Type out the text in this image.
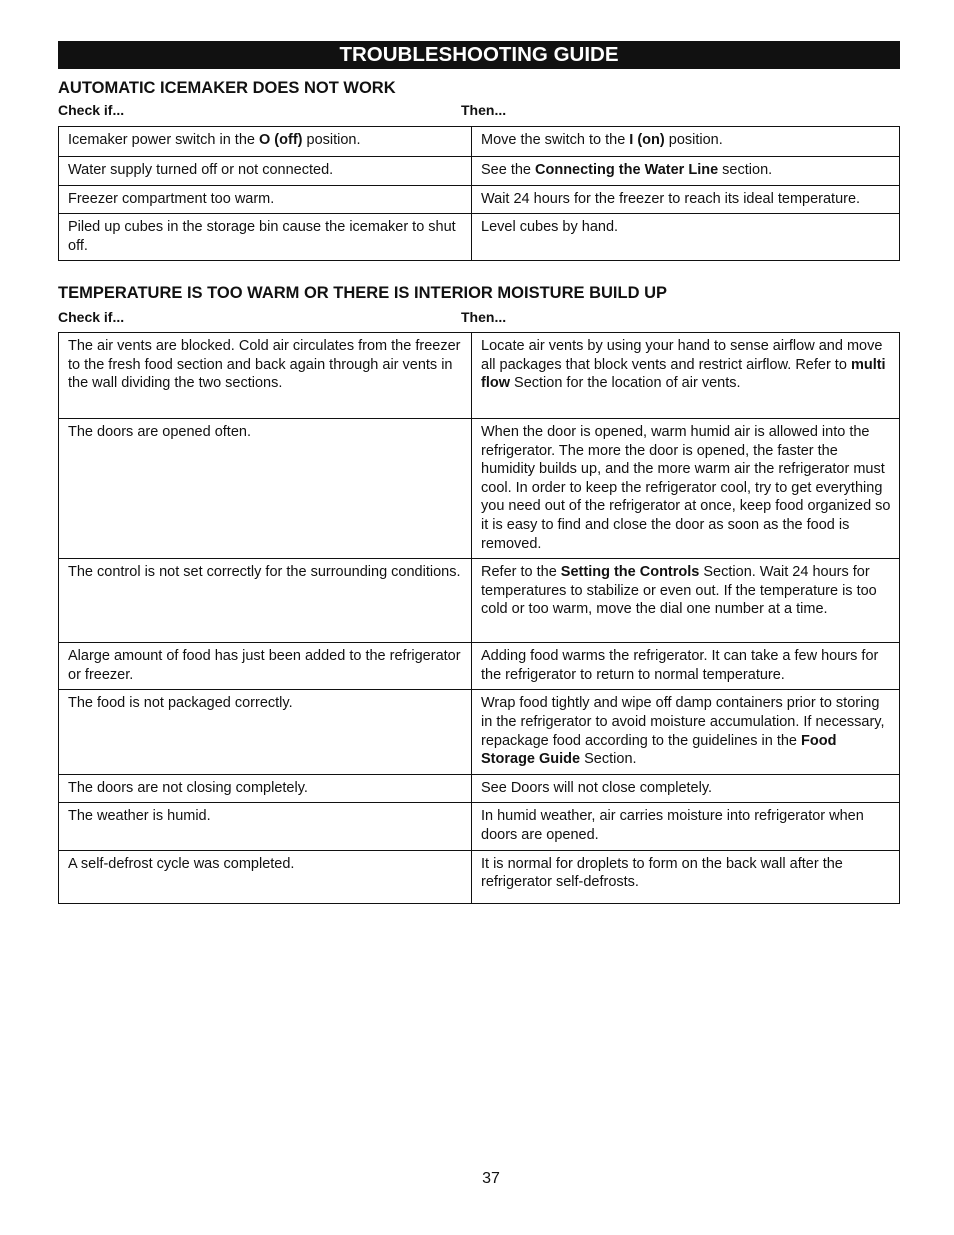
TROUBLESHOOTING GUIDE
AUTOMATIC ICEMAKER DOES NOT WORK
Check if...	Then...
Icemaker power switch in the O (off) position.	Move the switch to the I (on) position.
Water supply turned off or not connected.	See the Connecting the Water Line section.
Freezer compartment too warm.	Wait 24 hours for the freezer to reach its ideal temperature.
Piled up cubes in the storage bin cause the icemaker to shut off.	Level cubes by hand.
TEMPERATURE IS TOO WARM OR THERE IS INTERIOR MOISTURE BUILD UP
Check if...	Then...
The air vents are blocked. Cold air circulates from the freezer to the fresh food section and back again through air vents in the wall dividing the two sections.	Locate air vents by using your hand to sense airflow and move all packages that block vents and restrict airflow. Refer to multi flow Section for the location of air vents.
The doors are opened often.	When the door is opened, warm humid air is allowed into the refrigerator. The more the door is opened, the faster the humidity builds up, and the more warm air the refrigerator must cool. In order to keep the refrigerator cool, try to get everything you need out of the refrigerator at once, keep food organized so it is easy to find and close the door as soon as the food is removed.
The control is not set correctly for the surrounding conditions.	Refer to the Setting the Controls Section. Wait 24 hours for temperatures to stabilize or even out. If the temperature is too cold or too warm, move the dial one number at a time.
Alarge amount of food has just been added to the refrigerator or freezer.	Adding food warms the refrigerator. It can take a few hours for the refrigerator to return to normal temperature.
The food is not packaged correctly.	Wrap food tightly and wipe off damp containers prior to storing in the refrigerator to avoid moisture accumulation. If necessary, repackage food according to the guidelines in the Food Storage Guide Section.
The doors are not closing completely.	See Doors will not close completely.
The weather is humid.	In humid weather, air carries moisture into refrigerator when doors are opened.
A self-defrost cycle was completed.	It is normal for droplets to form on the back wall after the refrigerator self-defrosts.
37
